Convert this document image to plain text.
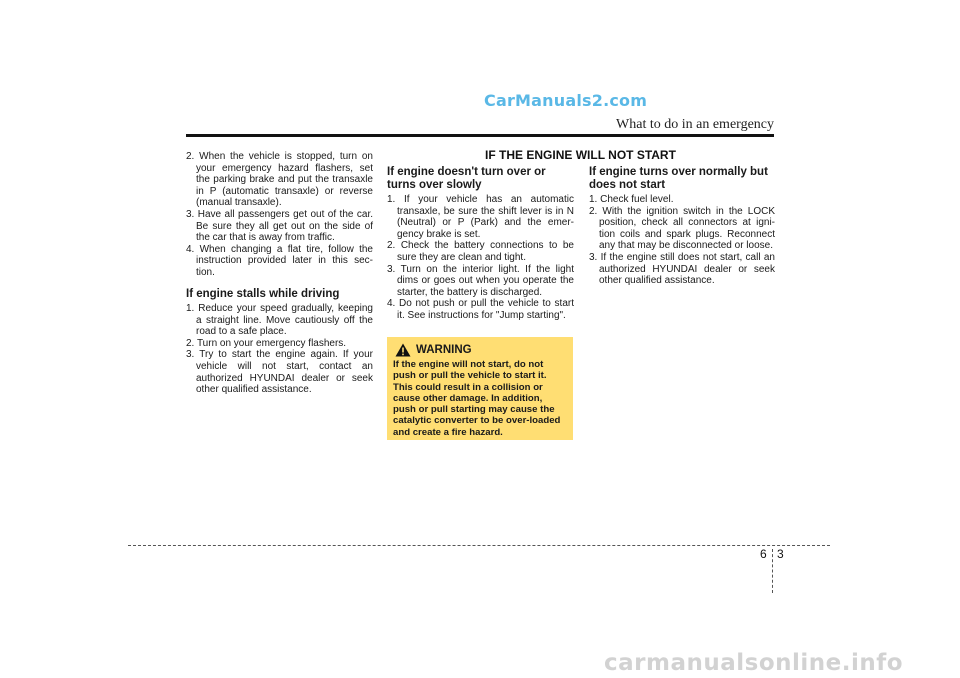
CarManuals2.com
What to do in an emergency
IF THE ENGINE WILL NOT START

2. When the vehicle is stopped, turn on your emergency hazard flashers, set the parking brake and put the transaxle in P (automatic transaxle) or reverse (manual transaxle).

3. Have all passengers get out of the car. Be sure they all get out on the side of the car that is away from traffic.

4. When changing a flat tire, follow the instruction provided later in this sec-tion.

If engine stalls while driving

1. Reduce your speed gradually, keeping a straight line. Move cautiously off the road to a safe place.

2. Turn on your emergency flashers.

3. Try to start the engine again. If your vehicle will not start, contact an authorized HYUNDAI dealer or seek other qualified assistance.

If engine doesn't turn over or turns over slowly

1. If your vehicle has an automatic transaxle, be sure the shift lever is in N (Neutral) or P (Park) and the emer-gency brake is set.

2. Check the battery connections to be sure they are clean and tight.

3. Turn on the interior light. If the light dims or goes out when you operate the starter, the battery is discharged.

4. Do not push or pull the vehicle to start it. See instructions for "Jump starting".

WARNING

If the engine will not start, do not push or pull the vehicle to start it. This could result in a collision or cause other damage. In addition, push or pull starting may cause the catalytic converter to be over-loaded and create a fire hazard.

If engine turns over normally but does not start

1. Check fuel level.

2. With the ignition switch in the LOCK position, check all connectors at igni-tion coils and spark plugs. Reconnect any that may be disconnected or loose.

3. If the engine still does not start, call an authorized HYUNDAI dealer or seek other qualified assistance.

6 3
carmanualsonline.info
